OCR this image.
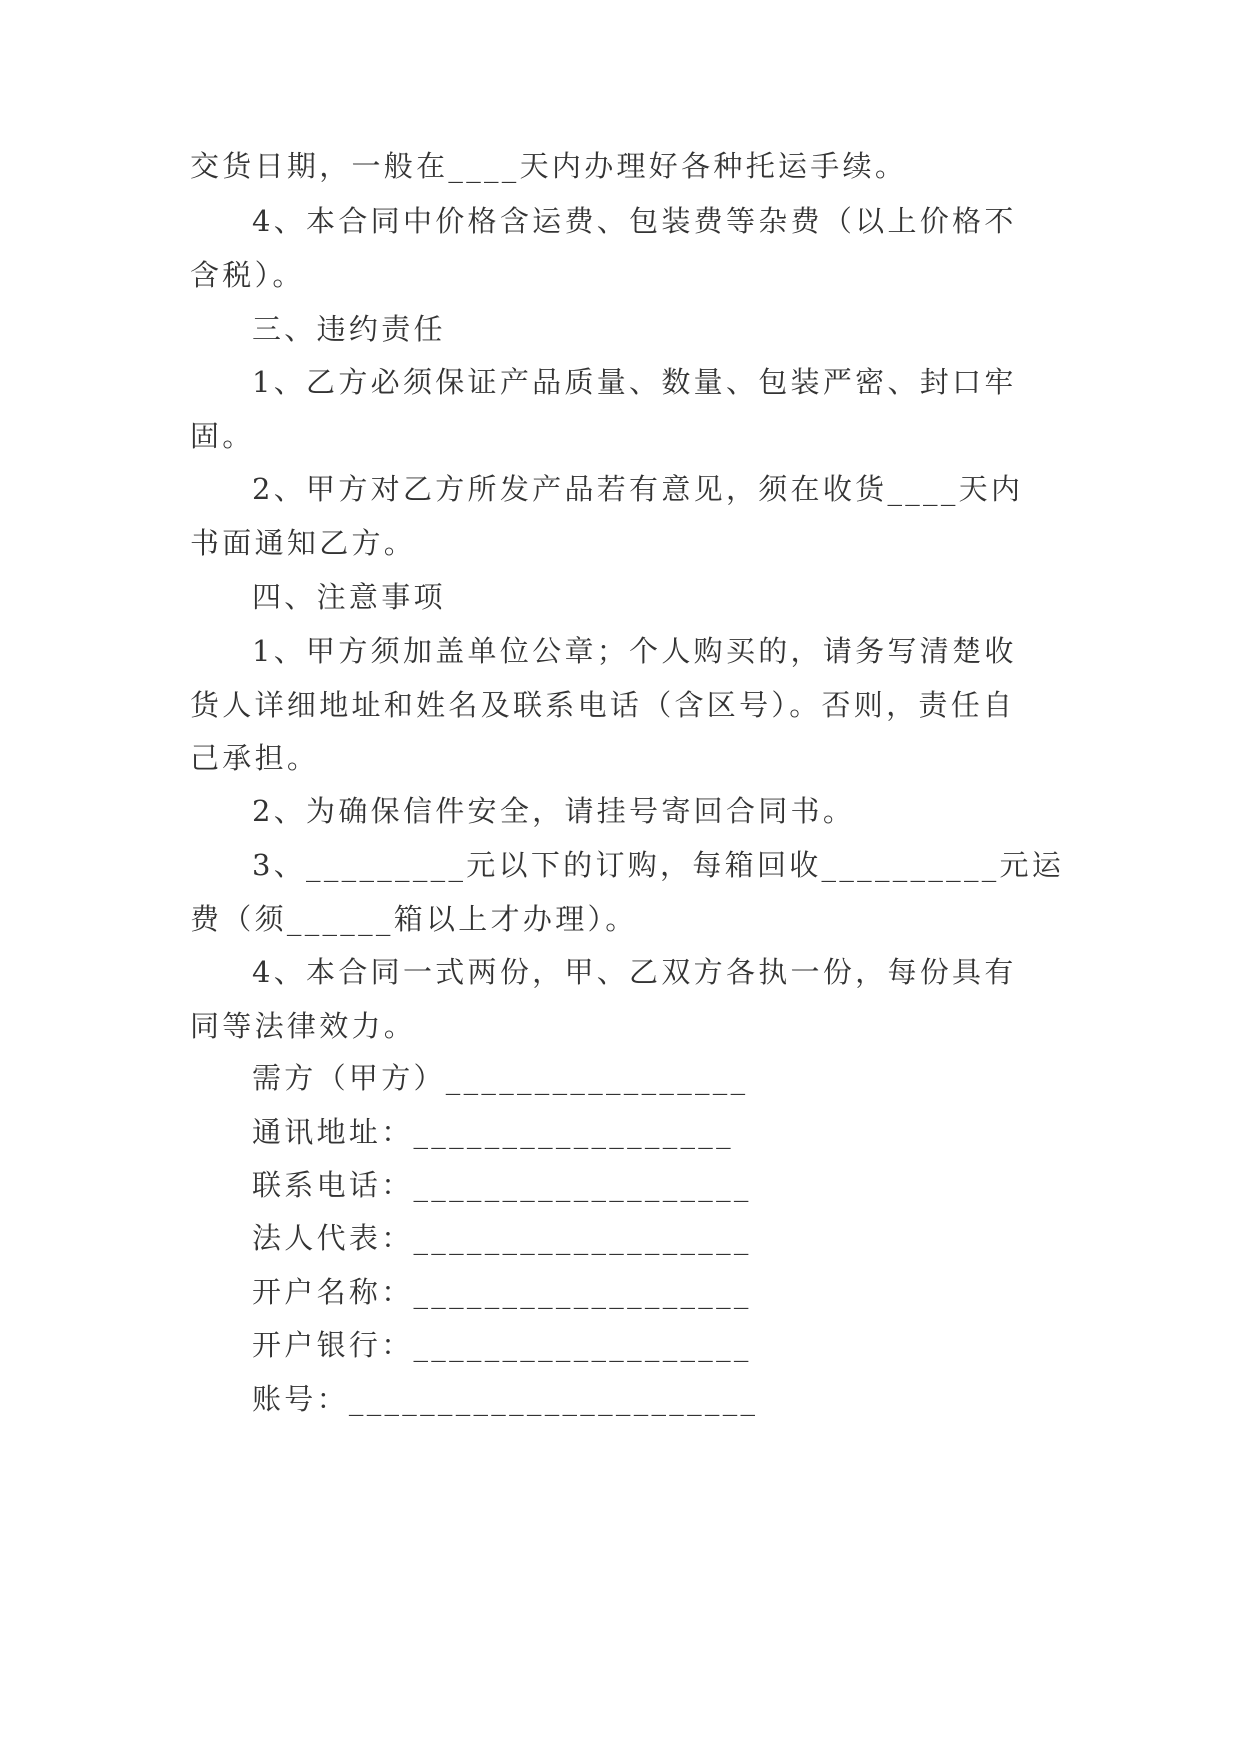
交货日期，一般在____天内办理好各种托运手续。

4、本合同中价格含运费、包装费等杂费（以上价格不

含税）。

三、违约责任

1、乙方必须保证产品质量、数量、包装严密、封口牢

固。

2、甲方对乙方所发产品若有意见，须在收货____天内

书面通知乙方。

四、注意事项

1、甲方须加盖单位公章；个人购买的，请务写清楚收

货人详细地址和姓名及联系电话（含区号）。否则，责任自

己承担。

2、为确保信件安全，请挂号寄回合同书。

3、_________元以下的订购，每箱回收__________元运

费（须______箱以上才办理）。

4、本合同一式两份，甲、乙双方各执一份，每份具有

同等法律效力。

需方（甲方）_________________

通讯地址：__________________

联系电话：___________________

法人代表：___________________

开户名称：___________________

开户银行：___________________

账号：_______________________
